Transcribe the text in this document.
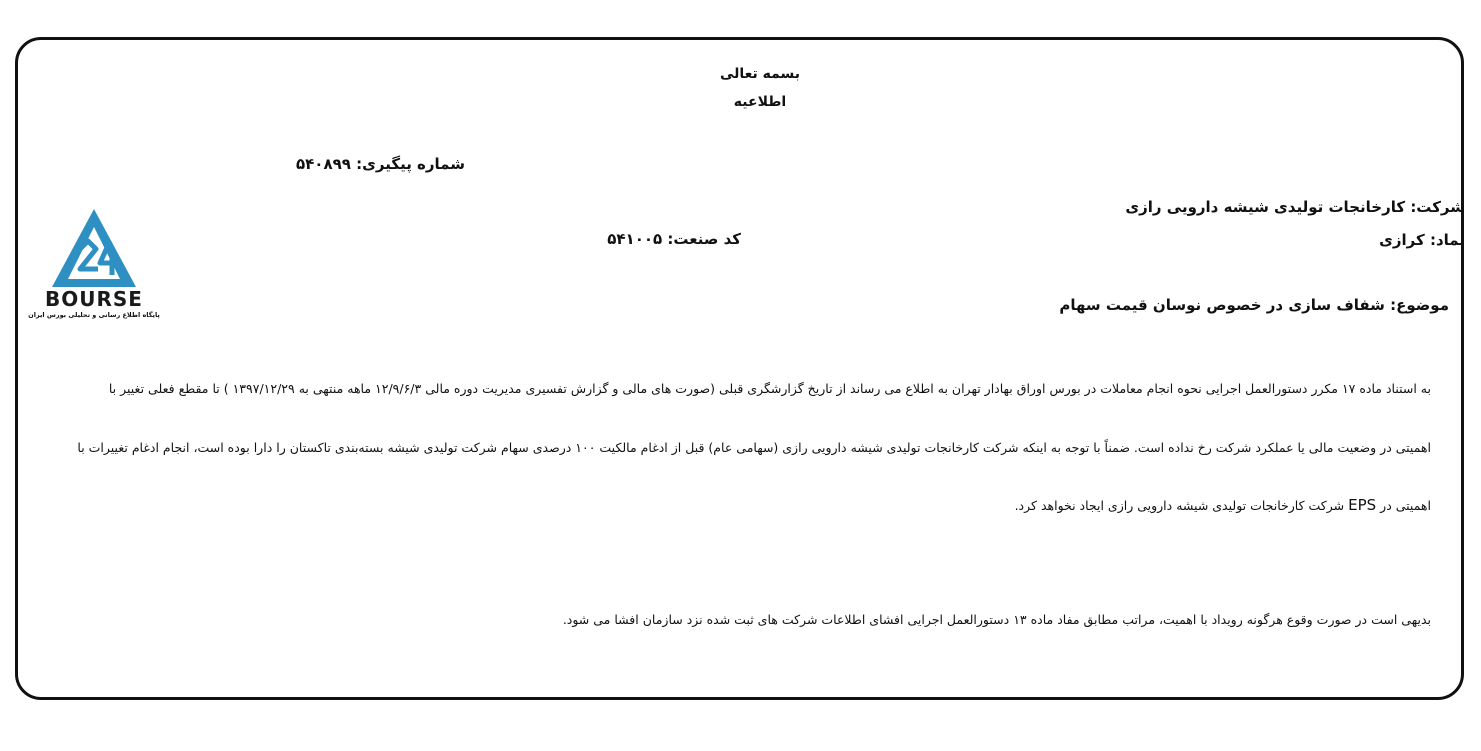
بسمه تعالی
اطلاعیه
شماره پیگیری: ۵۴۰۸۹۹
شرکت: کارخانجات تولیدی شیشه دارویی رازی
نماد: کرازی
کد صنعت: ۵۴۱۰۰۵
موضوع: شفاف سازی در خصوص نوسان قیمت سهام
BOURSE
پایگاه اطلاع رسانی و تحلیلی بورس ایران
به استناد ماده ۱۷ مکرر دستورالعمل اجرایی نحوه انجام معاملات در بورس اوراق بهادار تهران به اطلاع می رساند از تاریخ گزارشگری قبلی (صورت های مالی و گزارش تفسیری مدیریت دوره مالی ۱۲/۹/۶/۳ ماهه منتهی به ۱۳۹۷/۱۲/۲۹ ) تا مقطع فعلی تغییر با
اهمیتی در وضعیت مالی یا عملکرد شرکت رخ نداده است. ضمناً با توجه به اینکه شرکت کارخانجات تولیدی شیشه دارویی رازی (سهامی عام) قبل از ادغام مالکیت ۱۰۰ درصدی سهام شرکت تولیدی شیشه بسته‌بندی تاکستان را دارا بوده است، انجام ادغام تغییرات با
اهمیتی در EPS شرکت کارخانجات تولیدی شیشه دارویی رازی ایجاد نخواهد کرد.
بدیهی است در صورت وقوع هرگونه رویداد با اهمیت، مراتب مطابق مفاد ماده ۱۳ دستورالعمل اجرایی افشای اطلاعات شرکت های ثبت شده نزد سازمان افشا می شود.
